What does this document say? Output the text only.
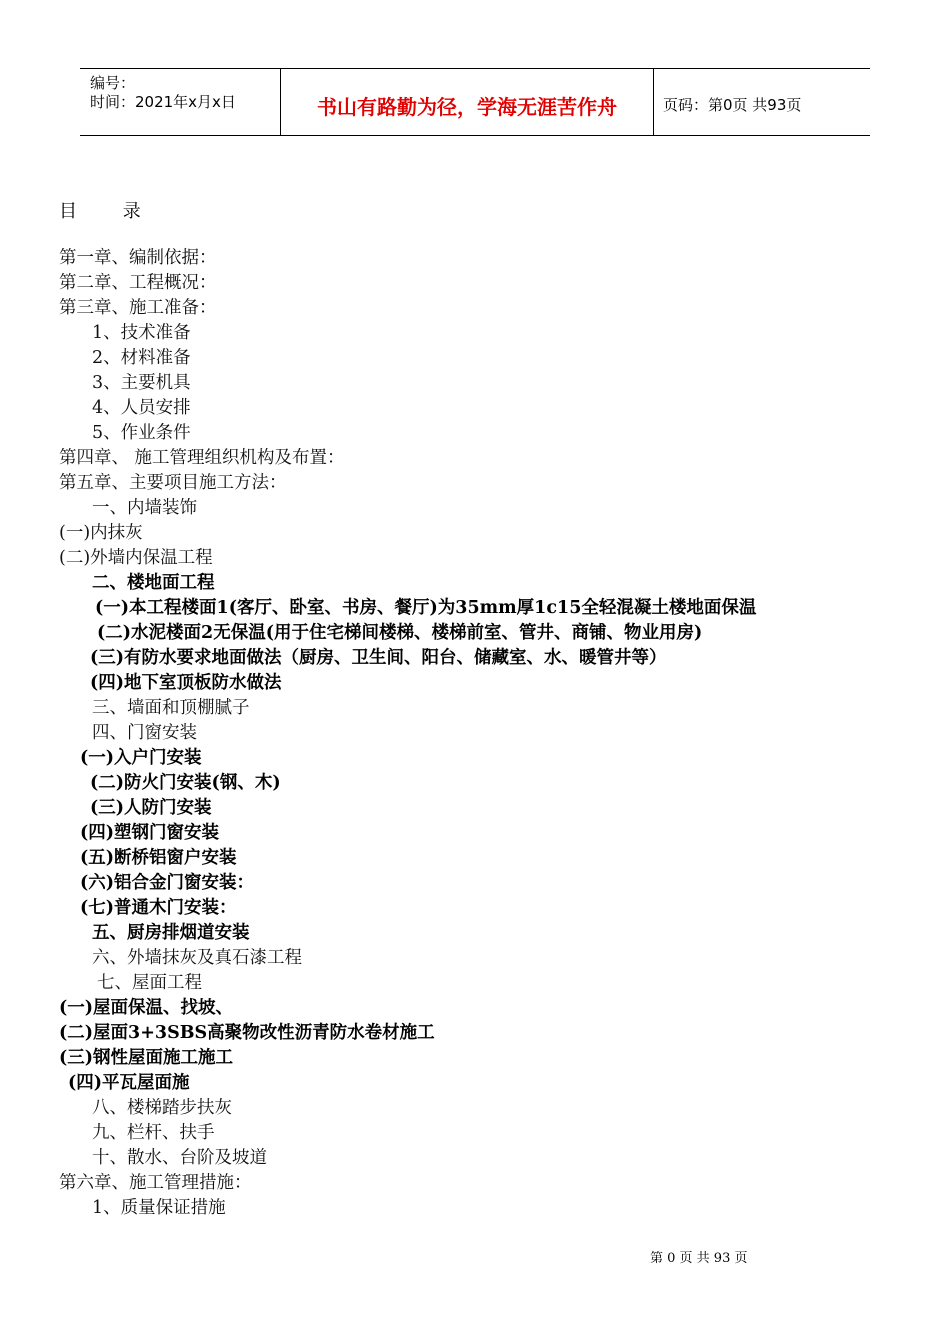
编号：
时间：2021年x月x日	书山有路勤为径，学海无涯苦作舟	页码：第0页 共93页
目        录
第一章、编制依据：
第二章、工程概况：
第三章、施工准备：
1、技术准备
2、材料准备
3、主要机具
4、人员安排
5、作业条件
第四章、 施工管理组织机构及布置：
第五章、主要项目施工方法：
一、内墙装饰
(一)内抹灰
(二)外墙内保温工程
二、楼地面工程
(一)本工程楼面1(客厅、卧室、书房、餐厅)为35mm厚1c15全轻混凝土楼地面保温
(二)水泥楼面2无保温(用于住宅梯间楼梯、楼梯前室、管井、商铺、物业用房)
(三)有防水要求地面做法（厨房、卫生间、阳台、储藏室、水、暖管井等）
(四)地下室顶板防水做法
三、墙面和顶棚腻子
四、门窗安装
(一)入户门安装
(二)防火门安装(钢、木)
(三)人防门安装
(四)塑钢门窗安装
(五)断桥铝窗户安装
(六)铝合金门窗安装：
(七)普通木门安装：
五、厨房排烟道安装
六、外墙抹灰及真石漆工程
七、屋面工程
(一)屋面保温、找坡、
(二)屋面3+3SBS高聚物改性沥青防水卷材施工
(三)钢性屋面施工施工
(四)平瓦屋面施
八、楼梯踏步扶灰
九、栏杆、扶手
十、散水、台阶及坡道
第六章、施工管理措施：
1、质量保证措施
第 0 页 共 93 页
